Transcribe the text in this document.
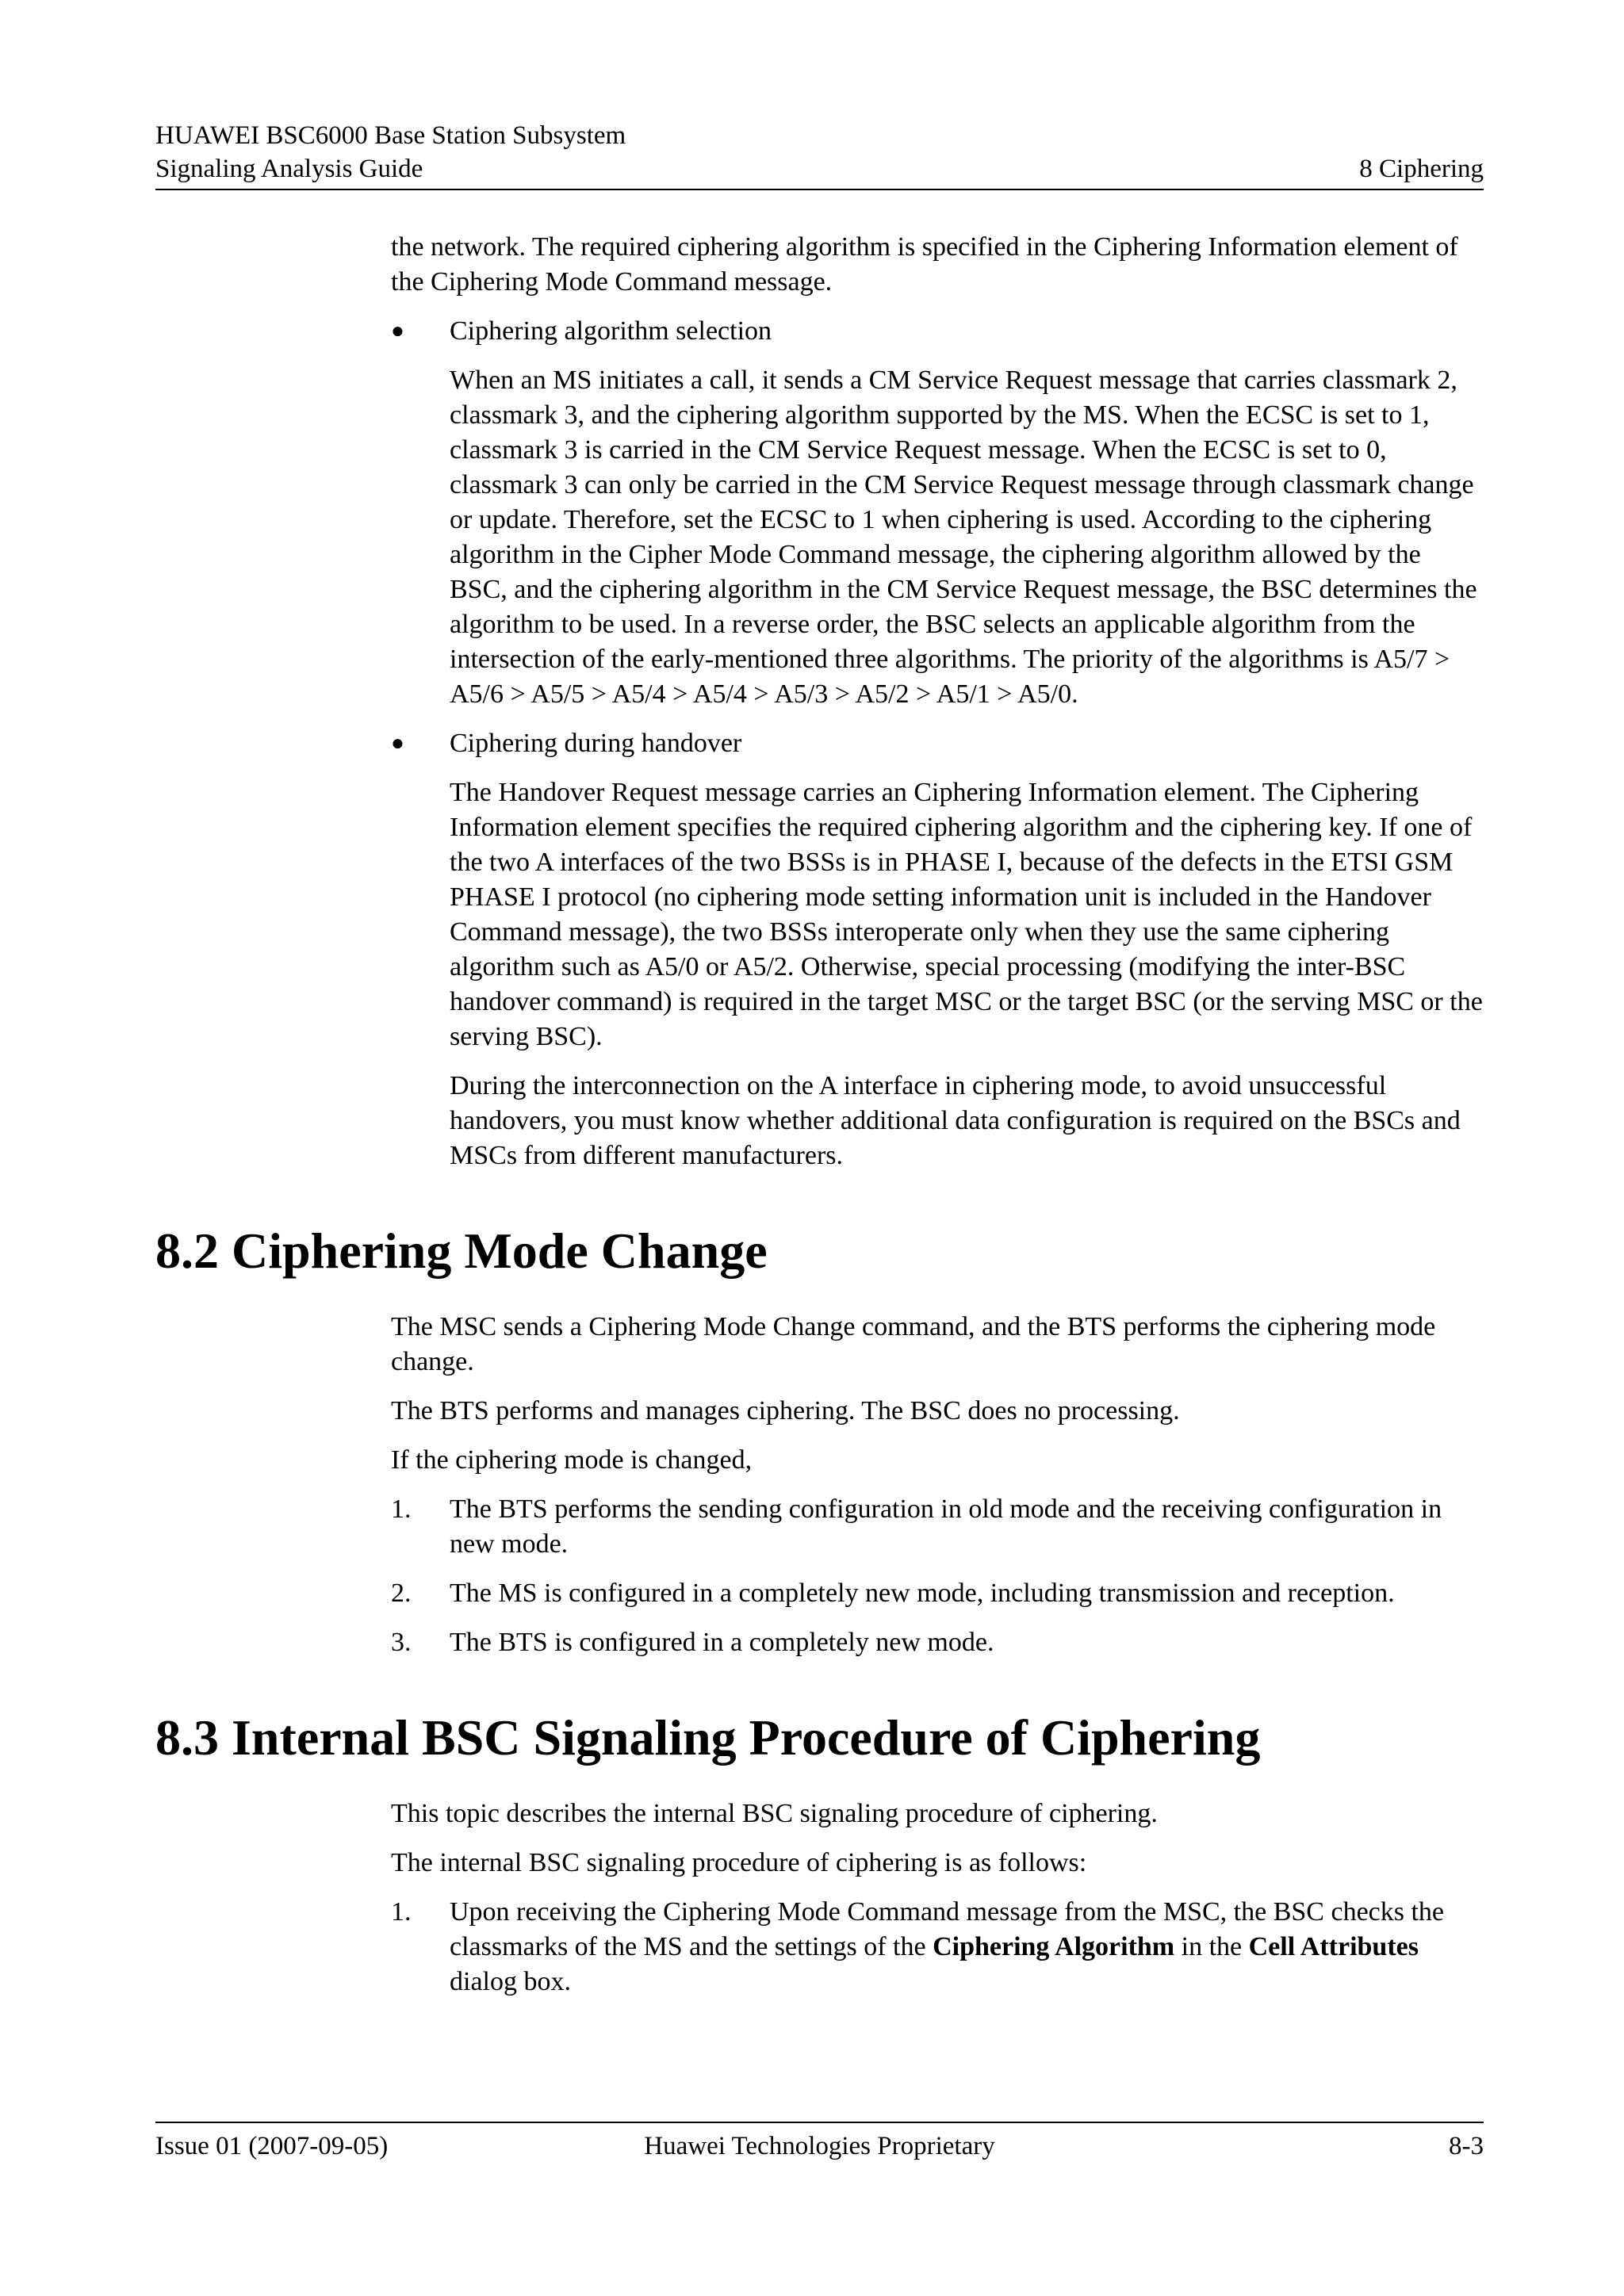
HUAWEI BSC6000 Base Station Subsystem
Signaling Analysis Guide	8 Ciphering

the network. The required ciphering algorithm is specified in the Ciphering Information element of the Ciphering Mode Command message.

● Ciphering algorithm selection

When an MS initiates a call, it sends a CM Service Request message that carries classmark 2, classmark 3, and the ciphering algorithm supported by the MS. When the ECSC is set to 1, classmark 3 is carried in the CM Service Request message. When the ECSC is set to 0, classmark 3 can only be carried in the CM Service Request message through classmark change or update. Therefore, set the ECSC to 1 when ciphering is used. According to the ciphering algorithm in the Cipher Mode Command message, the ciphering algorithm allowed by the BSC, and the ciphering algorithm in the CM Service Request message, the BSC determines the algorithm to be used. In a reverse order, the BSC selects an applicable algorithm from the intersection of the early-mentioned three algorithms. The priority of the algorithms is A5/7 > A5/6 > A5/5 > A5/4 > A5/4 > A5/3 > A5/2 > A5/1 > A5/0.

● Ciphering during handover

The Handover Request message carries an Ciphering Information element. The Ciphering Information element specifies the required ciphering algorithm and the ciphering key. If one of the two A interfaces of the two BSSs is in PHASE I, because of the defects in the ETSI GSM PHASE I protocol (no ciphering mode setting information unit is included in the Handover Command message), the two BSSs interoperate only when they use the same ciphering algorithm such as A5/0 or A5/2. Otherwise, special processing (modifying the inter-BSC handover command) is required in the target MSC or the target BSC (or the serving MSC or the serving BSC).

During the interconnection on the A interface in ciphering mode, to avoid unsuccessful handovers, you must know whether additional data configuration is required on the BSCs and MSCs from different manufacturers.

8.2 Ciphering Mode Change

The MSC sends a Ciphering Mode Change command, and the BTS performs the ciphering mode change.

The BTS performs and manages ciphering. The BSC does no processing.

If the ciphering mode is changed,

1. The BTS performs the sending configuration in old mode and the receiving configuration in new mode.
2. The MS is configured in a completely new mode, including transmission and reception.
3. The BTS is configured in a completely new mode.
8.3 Internal BSC Signaling Procedure of Ciphering

This topic describes the internal BSC signaling procedure of ciphering.

The internal BSC signaling procedure of ciphering is as follows:

1. Upon receiving the Ciphering Mode Command message from the MSC, the BSC checks the classmarks of the MS and the settings of the Ciphering Algorithm in the Cell Attributes dialog box.
Issue 01 (2007-09-05)	Huawei Technologies Proprietary	8-3
